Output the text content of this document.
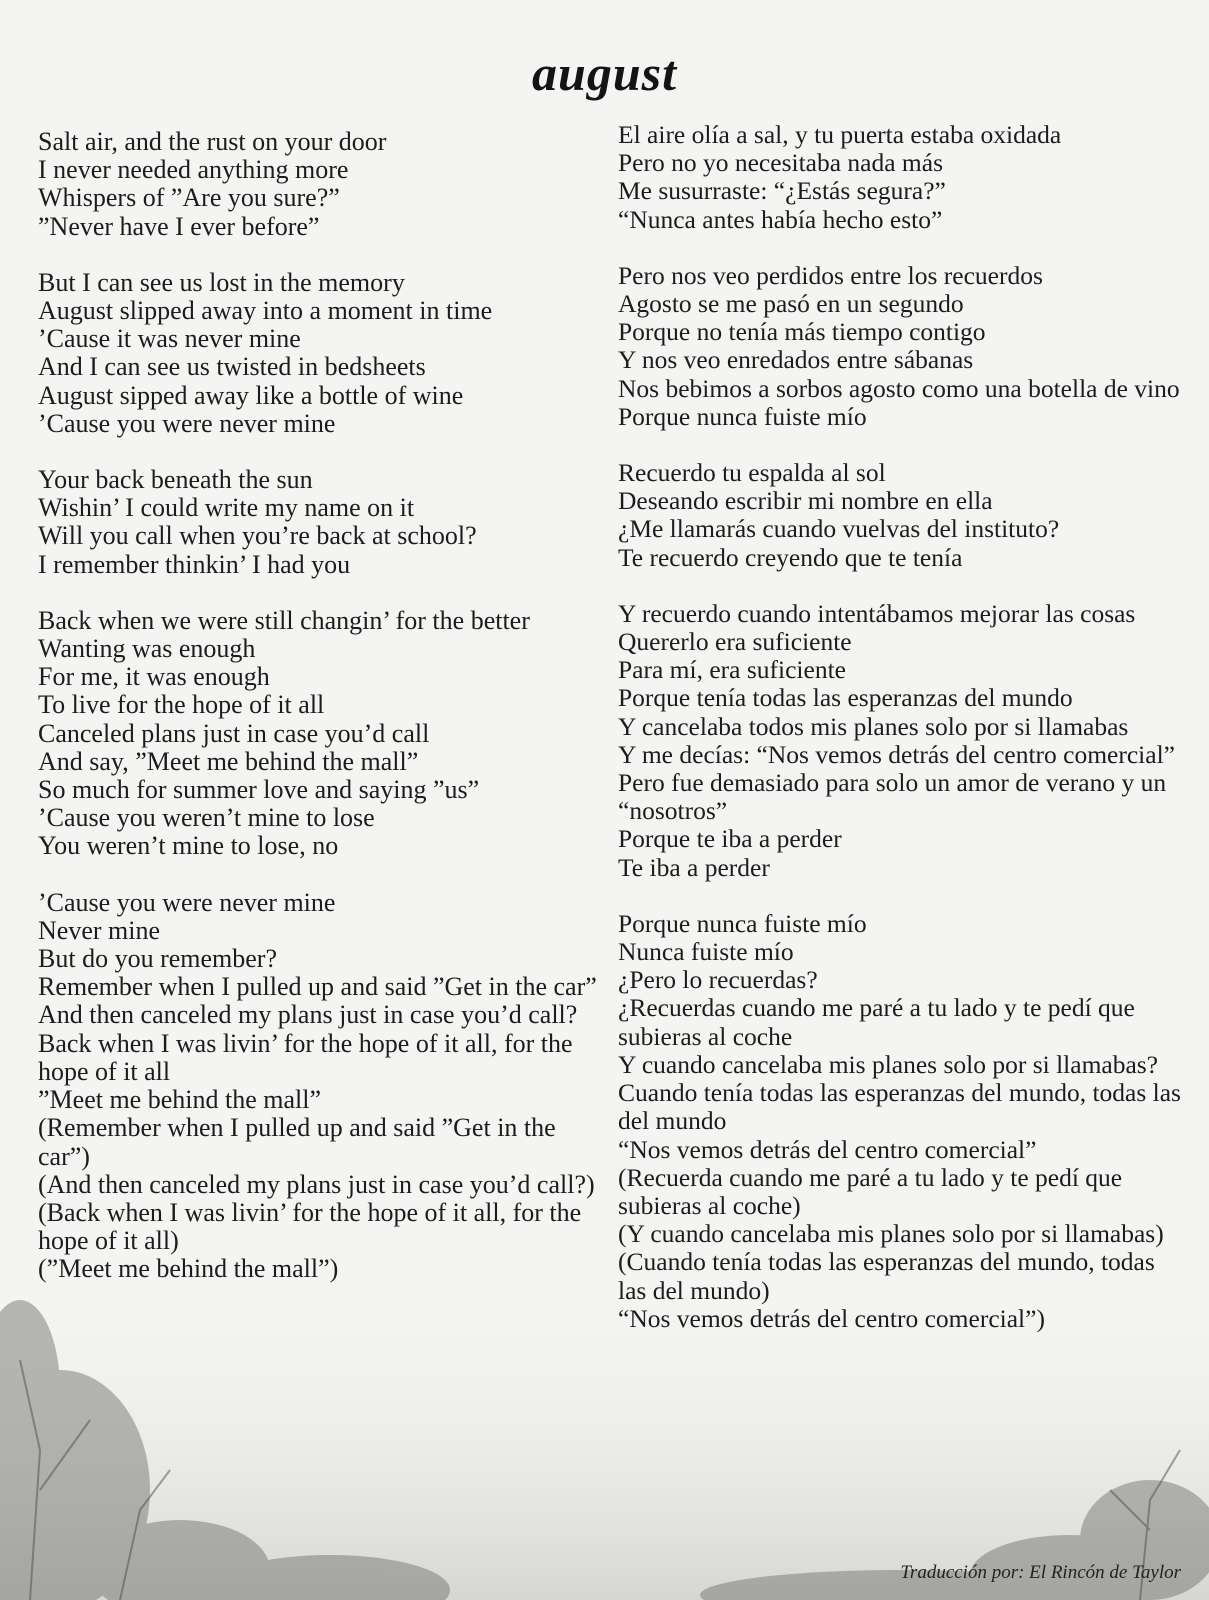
august
Salt air, and the rust on your door
I never needed anything more
Whispers of ”Are you sure?”
”Never have I ever before”
But I can see us lost in the memory
August slipped away into a moment in time
’Cause it was never mine
And I can see us twisted in bedsheets
August sipped away like a bottle of wine
’Cause you were never mine
Your back beneath the sun
Wishin’ I could write my name on it
Will you call when you’re back at school?
I remember thinkin’ I had you
Back when we were still changin’ for the better
Wanting was enough
For me, it was enough
To live for the hope of it all
Canceled plans just in case you’d call
And say, ”Meet me behind the mall”
So much for summer love and saying ”us”
’Cause you weren’t mine to lose
You weren’t mine to lose, no
’Cause you were never mine
Never mine
But do you remember?
Remember when I pulled up and said ”Get in the car”
And then canceled my plans just in case you’d call?
Back when I was livin’ for the hope of it all, for the hope of it all
”Meet me behind the mall”
(Remember when I pulled up and said ”Get in the car”)
(And then canceled my plans just in case you’d call?)
(Back when I was livin’ for the hope of it all, for the hope of it all)
(”Meet me behind the mall”)
El aire olía a sal, y tu puerta estaba oxidada
Pero no yo necesitaba nada más
Me susurraste: “¿Estás segura?”
“Nunca antes había hecho esto”
Pero nos veo perdidos entre los recuerdos
Agosto se me pasó en un segundo
Porque no tenía más tiempo contigo
Y nos veo enredados entre sábanas
Nos bebimos a sorbos agosto como una botella de vino
Porque nunca fuiste mío
Recuerdo tu espalda al sol
Deseando escribir mi nombre en ella
¿Me llamarás cuando vuelvas del instituto?
Te recuerdo creyendo que te tenía
Y recuerdo cuando intentábamos mejorar las cosas
Quererlo era suficiente
Para mí, era suficiente
Porque tenía todas las esperanzas del mundo
Y cancelaba todos mis planes solo por si llamabas
Y me decías: “Nos vemos detrás del centro comercial”
Pero fue demasiado para solo un amor de verano y un “nosotros”
Porque te iba a perder
Te iba a perder
Porque nunca fuiste mío
Nunca fuiste mío
¿Pero lo recuerdas?
¿Recuerdas cuando me paré a tu lado y te pedí que subieras al coche
Y cuando cancelaba mis planes solo por si llamabas?
Cuando tenía todas las esperanzas del mundo, todas las del mundo
“Nos vemos detrás del centro comercial”
(Recuerda cuando me paré a tu lado y te pedí que subieras al coche)
(Y cuando cancelaba mis planes solo por si llamabas)
(Cuando tenía todas las esperanzas del mundo, todas las del mundo)
“Nos vemos detrás del centro comercial”)
Traducción por: El Rincón de Taylor
